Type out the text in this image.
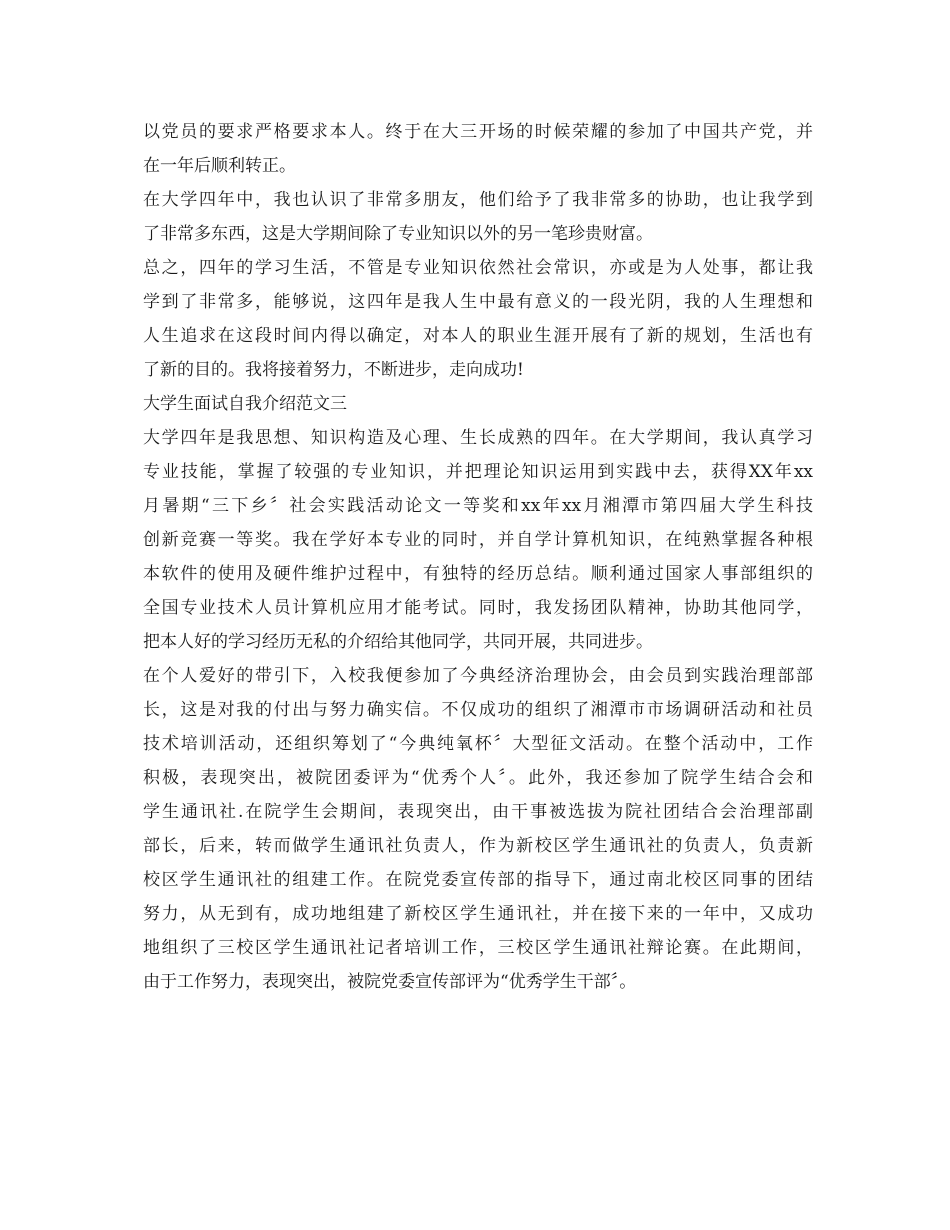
以党员的要求严格要求本人。终于在大三开场的时候荣耀的参加了中国共产党，并
在一年后顺利转正。
在大学四年中，我也认识了非常多朋友，他们给予了我非常多的协助，也让我学到
了非常多东西，这是大学期间除了专业知识以外的另一笔珍贵财富。
总之，四年的学习生活，不管是专业知识依然社会常识，亦或是为人处事，都让我
学到了非常多，能够说，这四年是我人生中最有意义的一段光阴，我的人生理想和
人生追求在这段时间内得以确定，对本人的职业生涯开展有了新的规划，生活也有
了新的目的。我将接着努力，不断进步，走向成功!
大学生面试自我介绍范文三
大学四年是我思想、知识构造及心理、生长成熟的四年。在大学期间，我认真学习
专业技能，掌握了较强的专业知识，并把理论知识运用到实践中去，获得XX年xx
月暑期“三下乡〞社会实践活动论文一等奖和xx年xx月湘潭市第四届大学生科技
创新竞赛一等奖。我在学好本专业的同时，并自学计算机知识，在纯熟掌握各种根
本软件的使用及硬件维护过程中，有独特的经历总结。顺利通过国家人事部组织的
全国专业技术人员计算机应用才能考试。同时，我发扬团队精神，协助其他同学，
把本人好的学习经历无私的介绍给其他同学，共同开展，共同进步。
在个人爱好的带引下，入校我便参加了今典经济治理协会，由会员到实践治理部部
长，这是对我的付出与努力确实信。不仅成功的组织了湘潭市市场调研活动和社员
技术培训活动，还组织筹划了“今典纯氧杯〞大型征文活动。在整个活动中，工作
积极，表现突出，被院团委评为“优秀个人〞。此外，我还参加了院学生结合会和
学生通讯社.在院学生会期间，表现突出，由干事被选拔为院社团结合会治理部副
部长，后来，转而做学生通讯社负责人，作为新校区学生通讯社的负责人，负责新
校区学生通讯社的组建工作。在院党委宣传部的指导下，通过南北校区同事的团结
努力，从无到有，成功地组建了新校区学生通讯社，并在接下来的一年中，又成功
地组织了三校区学生通讯社记者培训工作，三校区学生通讯社辩论赛。在此期间，
由于工作努力，表现突出，被院党委宣传部评为“优秀学生干部〞。
